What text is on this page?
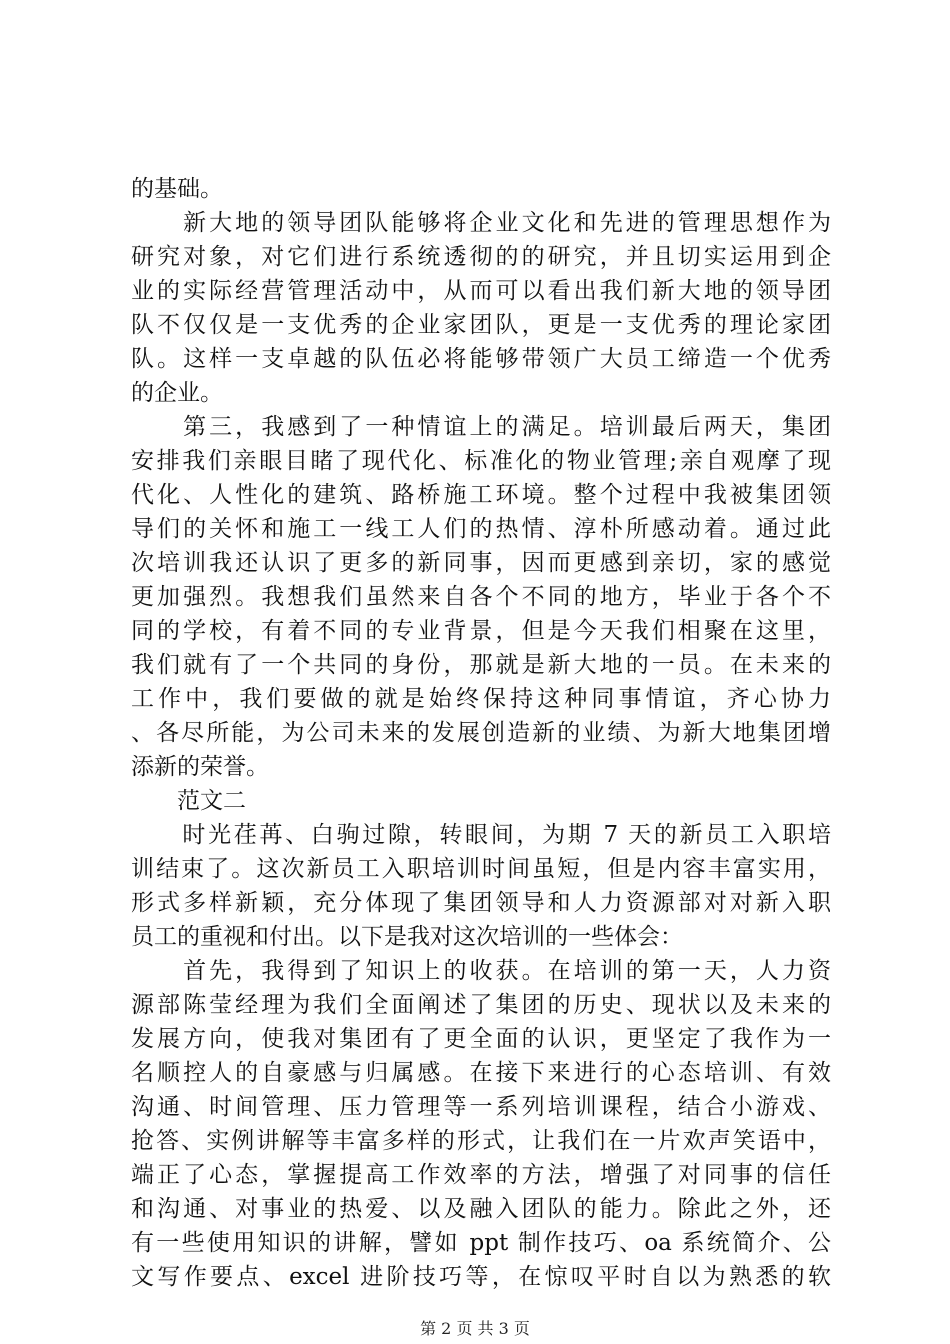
的基础。
　　新大地的领导团队能够将企业文化和先进的管理思想作为
研究对象，对它们进行系统透彻的的研究，并且切实运用到企
业的实际经营管理活动中，从而可以看出我们新大地的领导团
队不仅仅是一支优秀的企业家团队，更是一支优秀的理论家团
队。这样一支卓越的队伍必将能够带领广大员工缔造一个优秀
的企业。
　　第三，我感到了一种情谊上的满足。培训最后两天，集团
安排我们亲眼目睹了现代化、标准化的物业管理;亲自观摩了现
代化、人性化的建筑、路桥施工环境。整个过程中我被集团领
导们的关怀和施工一线工人们的热情、淳朴所感动着。通过此
次培训我还认识了更多的新同事，因而更感到亲切，家的感觉
更加强烈。我想我们虽然来自各个不同的地方，毕业于各个不
同的学校，有着不同的专业背景，但是今天我们相聚在这里，
我们就有了一个共同的身份，那就是新大地的一员。在未来的
工作中，我们要做的就是始终保持这种同事情谊，齐心协力
、各尽所能，为公司未来的发展创造新的业绩、为新大地集团增
添新的荣誉。
　　范文二
　　时光荏苒、白驹过隙，转眼间，为期 7 天的新员工入职培
训结束了。这次新员工入职培训时间虽短，但是内容丰富实用，
形式多样新颖，充分体现了集团领导和人力资源部对对新入职
员工的重视和付出。以下是我对这次培训的一些体会：
　　首先，我得到了知识上的收获。在培训的第一天，人力资
源部陈莹经理为我们全面阐述了集团的历史、现状以及未来的
发展方向，使我对集团有了更全面的认识，更坚定了我作为一
名顺控人的自豪感与归属感。在接下来进行的心态培训、有效
沟通、时间管理、压力管理等一系列培训课程，结合小游戏、
抢答、实例讲解等丰富多样的形式，让我们在一片欢声笑语中，
端正了心态，掌握提高工作效率的方法，增强了对同事的信任
和沟通、对事业的热爱、以及融入团队的能力。除此之外，还
第 2 页 共 3 页
有一些使用知识的讲解，譬如 ppt 制作技巧、oa 系统简介、公
文写作要点、excel 进阶技巧等，在惊叹平时自以为熟悉的软
